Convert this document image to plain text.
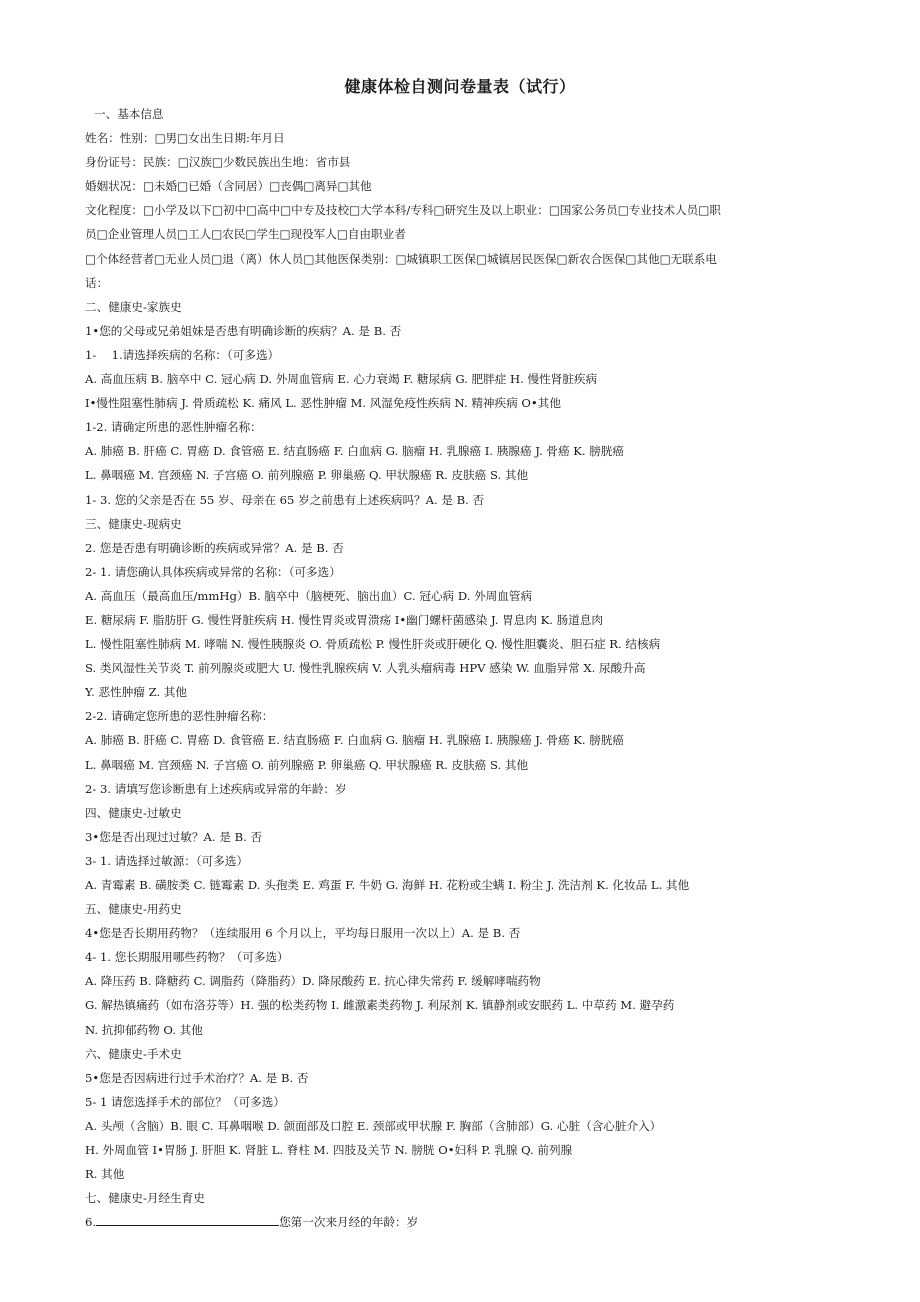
健康体检自测问卷量表（试行）
一、基本信息
姓名：性别：□男□女出生日期:年月日
身份证号：民族：□汉族□少数民族出生地：省市县
婚姻状况：□未婚□已婚（含同居）□丧偶□离异□其他
文化程度：□小学及以下□初中□高中□中专及技校□大学本科/专科□研究生及以上职业：□国家公务员□专业技术人员□职
员□企业管理人员□工人□农民□学生□现役军人□自由职业者
□个体经营者□无业人员□退（离）休人员□其他医保类别：□城镇职工医保□城镇居民医保□新农合医保□其他□无联系电
话：
二、健康史-家族史
1•您的父母或兄弟姐妹是否患有明确诊断的疾病？A. 是 B. 否
1-　 1.请选择疾病的名称：（可多选）
A. 高血压病 B. 脑卒中 C. 冠心病 D. 外周血管病 E. 心力衰竭 F. 糖尿病 G. 肥胖症 H. 慢性肾脏疾病
I•慢性阻塞性肺病 J. 骨质疏松 K. 痛风 L. 恶性肿瘤 M. 风湿免疫性疾病 N. 精神疾病 O•其他
1-2. 请确定所患的恶性肿瘤名称：
A. 肺癌 B. 肝癌 C. 胃癌 D. 食管癌 E. 结直肠癌 F. 白血病 G. 脑瘤 H. 乳腺癌 I. 胰腺癌 J. 骨癌 K. 膀胱癌
L. 鼻咽癌 M. 宫颈癌 N. 子宫癌 O. 前列腺癌 P. 卵巢癌 Q. 甲状腺癌 R. 皮肤癌 S. 其他
1- 3. 您的父亲是否在 55 岁、母亲在 65 岁之前患有上述疾病吗？A. 是 B. 否
三、健康史-现病史
2. 您是否患有明确诊断的疾病或异常？A. 是 B. 否
2- 1. 请您确认具体疾病或异常的名称：（可多选）
A. 高血压（最高血压/mmHg）B. 脑卒中（脑梗死、脑出血）C. 冠心病 D. 外周血管病
E. 糖尿病 F. 脂肪肝 G. 慢性肾脏疾病 H. 慢性胃炎或胃溃疡 I•幽门螺杆菌感染 J. 胃息肉 K. 肠道息肉
L. 慢性阻塞性肺病 M. 哮喘 N. 慢性胰腺炎 O. 骨质疏松 P. 慢性肝炎或肝硬化 Q. 慢性胆囊炎、胆石症 R. 结核病
S. 类风湿性关节炎 T. 前列腺炎或肥大 U. 慢性乳腺疾病 V. 人乳头瘤病毒 HPV 感染 W. 血脂异常 X. 尿酸升高
Y. 恶性肿瘤 Z. 其他
2-2. 请确定您所患的恶性肿瘤名称：
A. 肺癌 B. 肝癌 C. 胃癌 D. 食管癌 E. 结直肠癌 F. 白血病 G. 脑瘤 H. 乳腺癌 I. 胰腺癌 J. 骨癌 K. 膀胱癌
L. 鼻咽癌 M. 宫颈癌 N. 子宫癌 O. 前列腺癌 P. 卵巢癌 Q. 甲状腺癌 R. 皮肤癌 S. 其他
2- 3. 请填写您诊断患有上述疾病或异常的年龄：岁
四、健康史-过敏史
3•您是否出现过过敏？A. 是 B. 否
3- 1. 请选择过敏源：（可多选）
A. 青霉素 B. 磺胺类 C. 链霉素 D. 头孢类 E. 鸡蛋 F. 牛奶 G. 海鲜 H. 花粉或尘螨 I. 粉尘 J. 洗洁剂 K. 化妆品 L. 其他
五、健康史-用药史
4•您是否长期用药物？（连续服用 6 个月以上，平均每日服用一次以上）A. 是 B. 否
4- 1. 您长期服用哪些药物？（可多选）
A. 降压药 B. 降糖药 C. 调脂药（降脂药）D. 降尿酸药 E. 抗心律失常药 F. 缓解哮喘药物
G. 解热镇痛药（如布洛芬等）H. 强的松类药物 I. 雌激素类药物 J. 利尿剂 K. 镇静剂或安眠药 L. 中草药 M. 避孕药
N. 抗抑郁药物 O. 其他
六、健康史-手术史
5•您是否因病进行过手术治疗？A. 是 B. 否
5- 1 请您选择手术的部位？（可多选）
A. 头颅（含脑）B. 眼 C. 耳鼻咽喉 D. 颌面部及口腔 E. 颈部或甲状腺 F. 胸部（含肺部）G. 心脏（含心脏介入）
H. 外周血管 I•胃肠 J. 肝胆 K. 肾脏 L. 脊柱 M. 四肢及关节 N. 膀胱 O•妇科 P. 乳腺 Q. 前列腺
R. 其他
七、健康史-月经生育史
6.	您第一次来月经的年龄：岁
